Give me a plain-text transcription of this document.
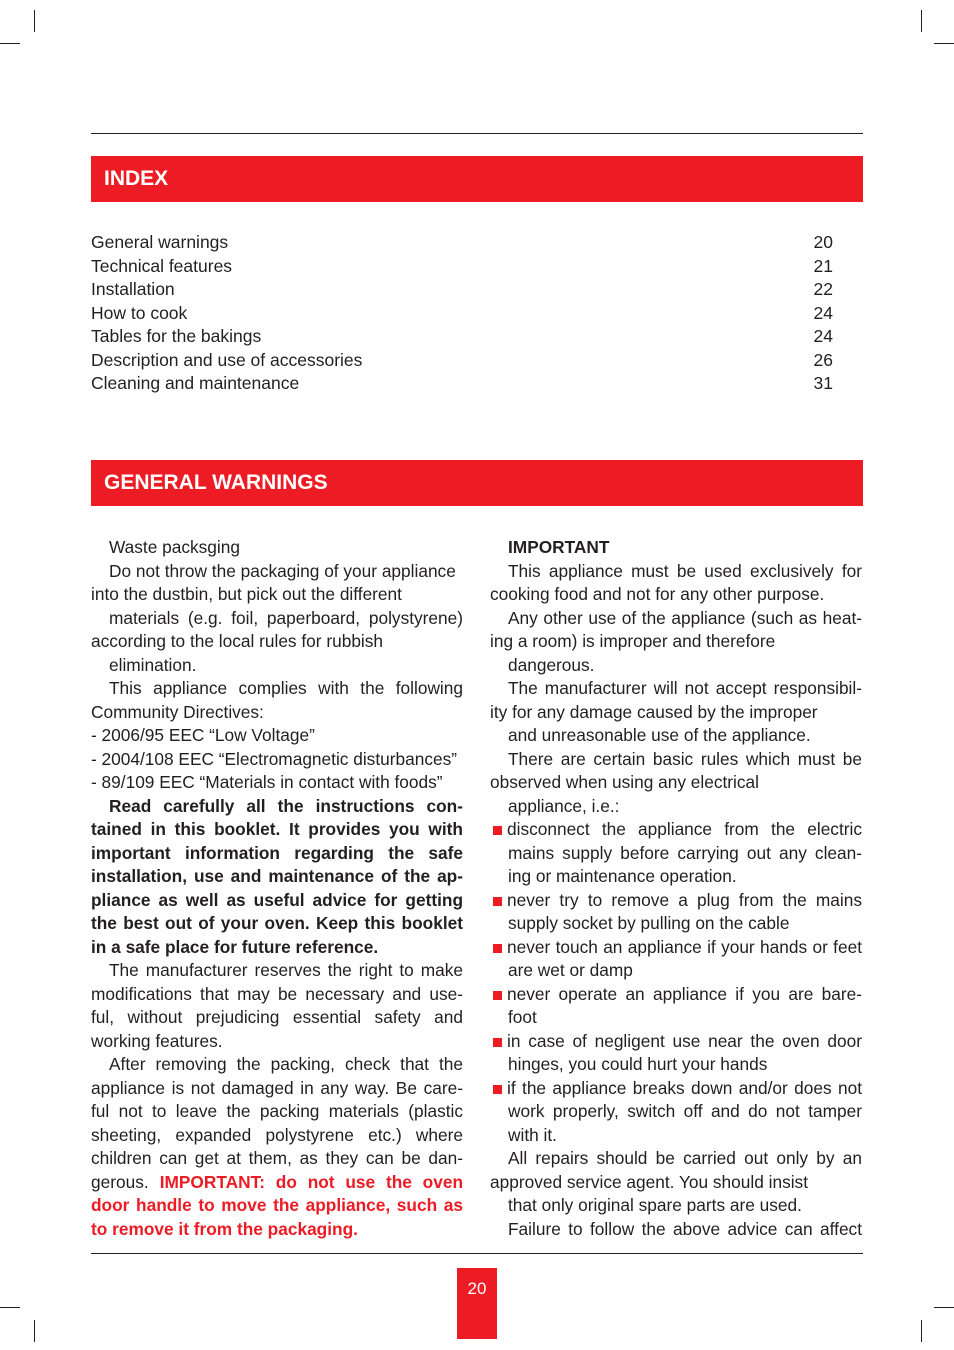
INDEX
General warnings	20
Technical features	21
Installation	22
How to cook	24
Tables for the bakings	24
Description and use of accessories	26
Cleaning and maintenance	31
GENERAL WARNINGS
Waste packsging
Do not throw the packaging of your appliance
into the dustbin, but pick out the different
materials (e.g. foil, paperboard, polystyrene)
according to the local rules for rubbish
elimination.
This appliance complies with the following
Community Directives:
- 2006/95 EEC “Low Voltage”
- 2004/108 EEC “Electromagnetic disturbances”
- 89/109 EEC “Materials in contact with foods”
Read carefully all the instructions con-
tained in this booklet. It provides you with
important information regarding the safe
installation, use and maintenance of the ap-
pliance as well as useful advice for getting
the best out of your oven. Keep this booklet
in a safe place for future reference.
The manufacturer reserves the right to make
modifications that may be necessary and use-
ful, without prejudicing essential safety and
working features.
After removing the packing, check that the
appliance is not damaged in any way. Be care-
ful not to leave the packing materials (plastic
sheeting, expanded polystyrene etc.) where
children can get at them, as they can be dan-
gerous. IMPORTANT: do not use the oven
door handle to move the appliance, such as
to remove it from the packaging.
IMPORTANT
This appliance must be used exclusively for
cooking food and not for any other purpose.
Any other use of the appliance (such as heat-
ing a room) is improper and therefore
dangerous.
The manufacturer will not accept responsibil-
ity for any damage caused by the improper
and unreasonable use of the appliance.
There are certain basic rules which must be
observed when using any electrical
appliance, i.e.:
disconnect the appliance from the electric
mains supply before carrying out any clean-
ing or maintenance operation.
never try to remove a plug from the mains
supply socket by pulling on the cable
never touch an appliance if your hands or feet
are wet or damp
never operate an appliance if you are bare-
foot
in case of negligent use near the oven door
hinges, you could hurt your hands
if the appliance breaks down and/or does not
work properly, switch off and do not tamper
with it.
All repairs should be carried out only by an
approved service agent. You should insist
that only original spare parts are used.
Failure to follow the above advice can affect
20
